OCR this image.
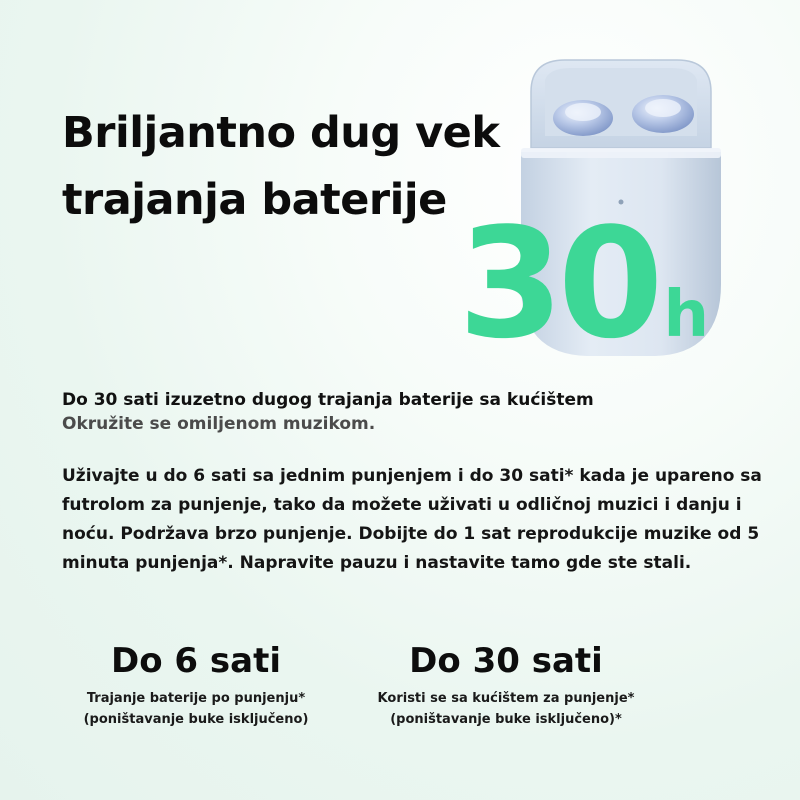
Briljantno dug vek
trajanja baterije 30h
Do 30 sati izuzetno dugog trajanja baterije sa kućištem
Okružite se omiljenom muzikom.

Uživajte u do 6 sati sa jednim punjenjem i do 30 sati* kada je upareno sa futrolom za punjenje, tako da možete uživati u odličnoj muzici i danju i noću. Podržava brzo punjenje. Dobijte do 1 sat reprodukcije muzike od 5 minuta punjenja*. Napravite pauzu i nastavite tamo gde ste stali.

Do 6 sati
Trajanje baterije po punjenju*
(poništavanje buke isključeno)
Do 30 sati
Koristi se sa kućištem za punjenje*
(poništavanje buke isključeno)*
